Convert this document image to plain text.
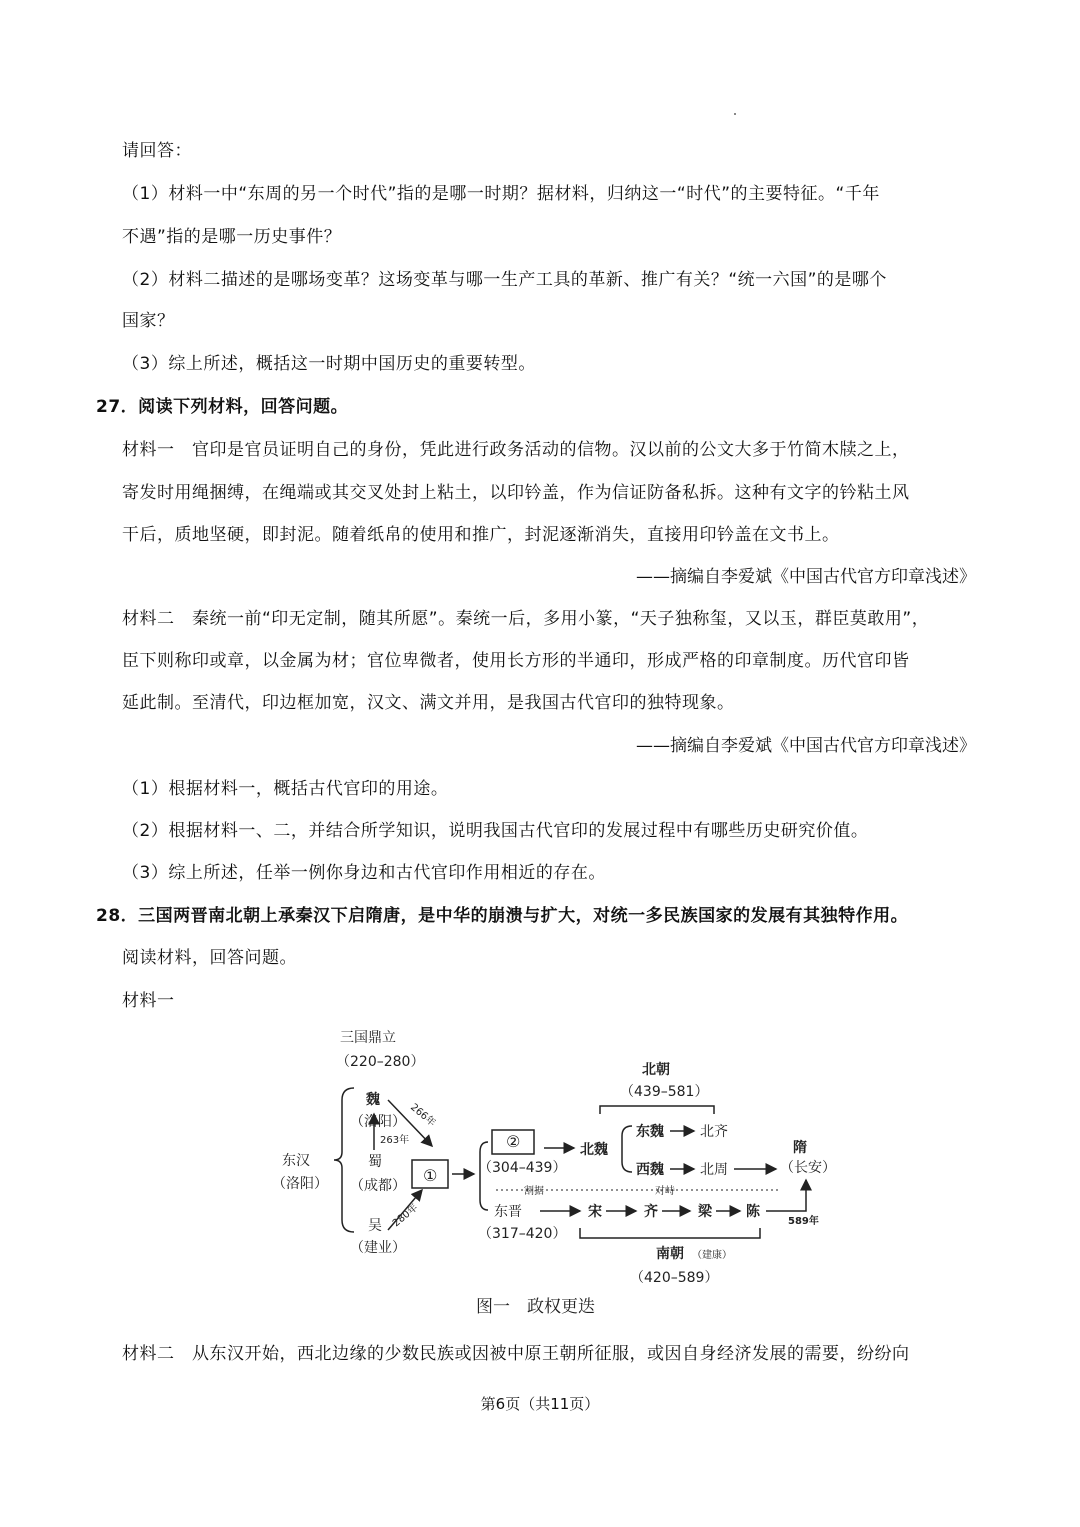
请回答：
（1）材料一中“东周的另一个时代”指的是哪一时期？据材料，归纳这一“时代”的主要特征。“千年
不遇”指的是哪一历史事件？
（2）材料二描述的是哪场变革？这场变革与哪一生产工具的革新、推广有关？“统一六国”的是哪个
国家？
（3）综上所述，概括这一时期中国历史的重要转型。
27．阅读下列材料，回答问题。
材料一　官印是官员证明自己的身份，凭此进行政务活动的信物。汉以前的公文大多于竹简木牍之上，
寄发时用绳捆缚，在绳端或其交叉处封上粘土，以印钤盖，作为信证防备私拆。这种有文字的钤粘土风
干后，质地坚硬，即封泥。随着纸帛的使用和推广，封泥逐渐消失，直接用印钤盖在文书上。
——摘编自李爱斌《中国古代官方印章浅述》
材料二　秦统一前“印无定制，随其所愿”。秦统一后，多用小篆，“天子独称玺，又以玉，群臣莫敢用”，
臣下则称印或章，以金属为材；官位卑微者，使用长方形的半通印，形成严格的印章制度。历代官印皆
延此制。至清代，印边框加宽，汉文、满文并用，是我国古代官印的独特现象。
——摘编自李爱斌《中国古代官方印章浅述》
（1）根据材料一，概括古代官印的用途。
（2）根据材料一、二，并结合所学知识，说明我国古代官印的发展过程中有哪些历史研究价值。
（3）综上所述，任举一例你身边和古代官印作用相近的存在。
28．三国两晋南北朝上承秦汉下启隋唐，是中华的崩溃与扩大，对统一多民族国家的发展有其独特作用。
阅读材料，回答问题。
材料一
三国鼎立
（220–280）
魏
（洛阳）
蜀
（成都）
吴
（建业）
东汉
（洛阳）
263年
266年
280年
①
②
（304–439）
北魏
东魏	北齐
西魏	北周
隋
（长安）
北朝
（439–581）
割据	对峙
东晋
（317–420）
宋	齐	梁 陈
589年
南朝 （建康）
（420–589）
图一　政权更迭
材料二　从东汉开始，西北边缘的少数民族或因被中原王朝所征服，或因自身经济发展的需要，纷纷向
第6页（共11页）
